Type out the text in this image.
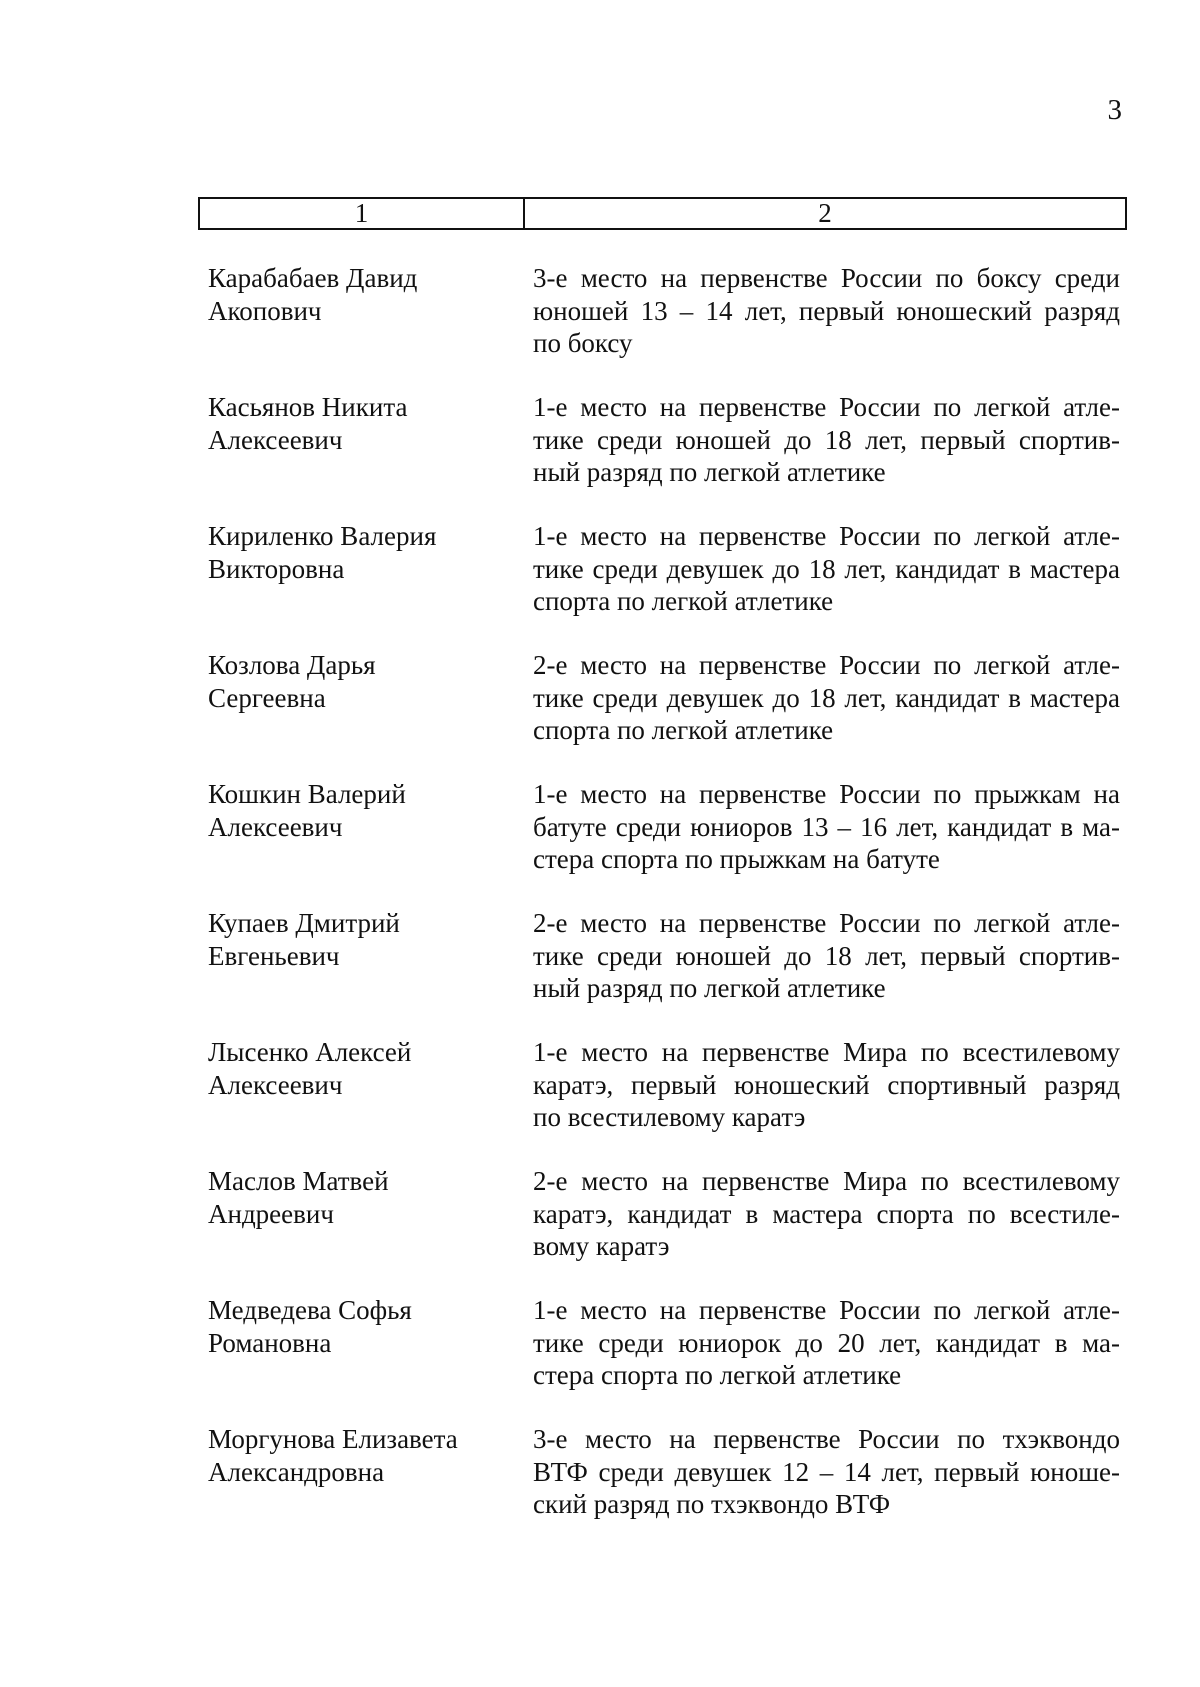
3
1	2
Карабабаев Давид
Акопович
3-е место на первенстве России по боксу среди
юношей 13 – 14 лет, первый юношеский разряд
по боксу
Касьянов Никита
Алексеевич
1-е место на первенстве России по легкой атле-
тике среди юношей до 18 лет, первый спортив-
ный разряд по легкой атлетике
Кириленко Валерия
Викторовна
1-е место на первенстве России по легкой атле-
тике среди девушек до 18 лет, кандидат в мастера
спорта по легкой атлетике
Козлова Дарья
Сергеевна
2-е место на первенстве России по легкой атле-
тике среди девушек до 18 лет, кандидат в мастера
спорта по легкой атлетике
Кошкин Валерий
Алексеевич
1-е место на первенстве России по прыжкам на
батуте среди юниоров 13 – 16 лет, кандидат в ма-
стера спорта по прыжкам на батуте
Купаев Дмитрий
Евгеньевич
2-е место на первенстве России по легкой атле-
тике среди юношей до 18 лет, первый спортив-
ный разряд по легкой атлетике
Лысенко Алексей
Алексеевич
1-е место на первенстве Мира по всестилевому
каратэ, первый юношеский спортивный разряд
по всестилевому каратэ
Маслов Матвей
Андреевич
2-е место на первенстве Мира по всестилевому
каратэ, кандидат в мастера спорта по всестиле-
вому каратэ
Медведева Софья
Романовна
1-е место на первенстве России по легкой атле-
тике среди юниорок до 20 лет, кандидат в ма-
стера спорта по легкой атлетике
Моргунова Елизавета
Александровна
3-е место на первенстве России по тхэквондо
ВТФ среди девушек 12 – 14 лет, первый юноше-
ский разряд по тхэквондо ВТФ
